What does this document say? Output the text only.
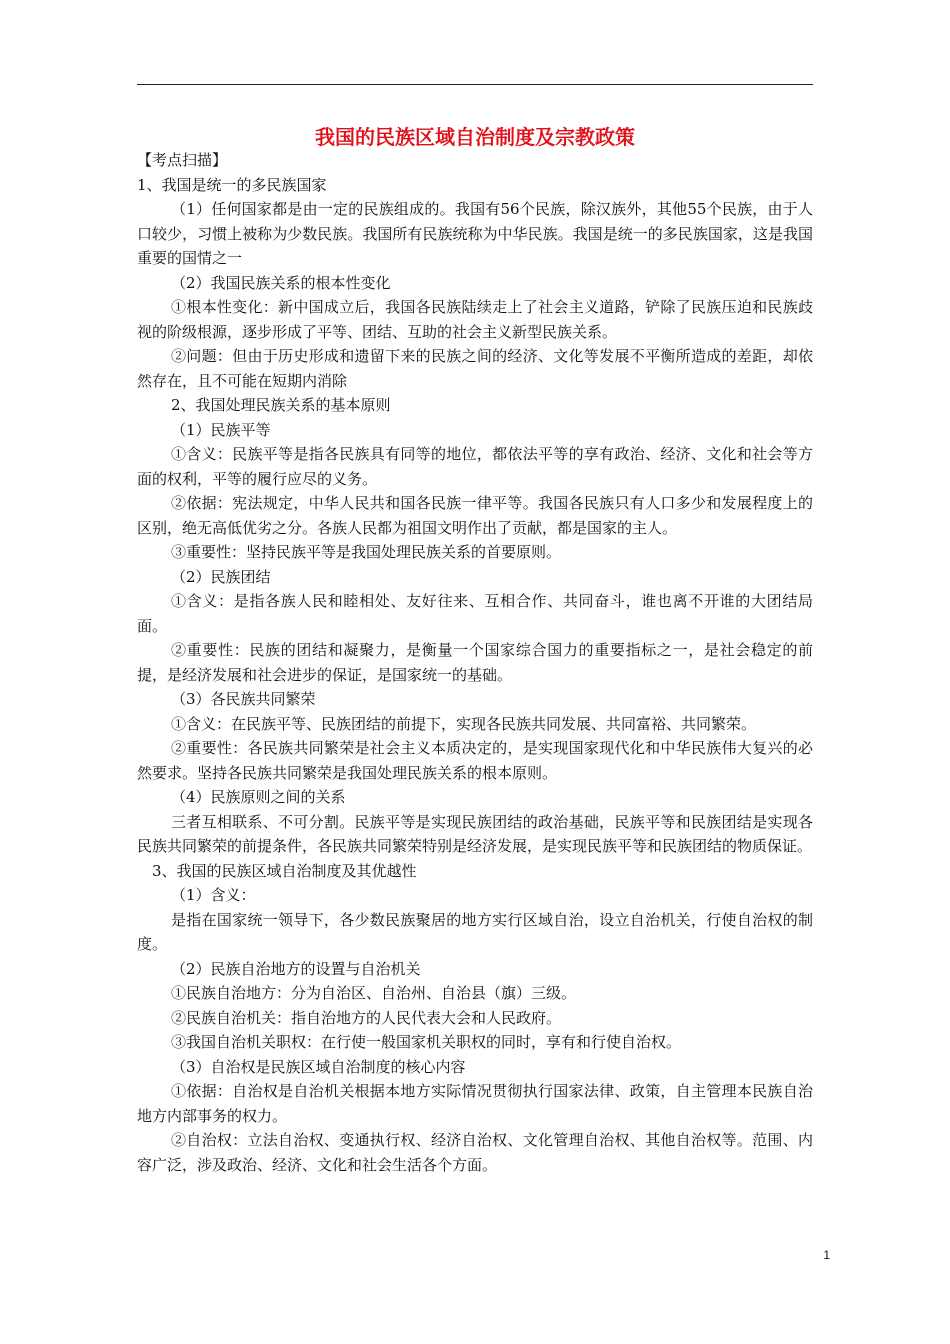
我国的民族区域自治制度及宗教政策

【考点扫描】

1、我国是统一的多民族国家

（1）任何国家都是由一定的民族组成的。我国有56个民族，除汉族外，其他55个民族，由于人口较少，习惯上被称为少数民族。我国所有民族统称为中华民族。我国是统一的多民族国家，这是我国重要的国情之一

（2）我国民族关系的根本性变化

①根本性变化：新中国成立后，我国各民族陆续走上了社会主义道路，铲除了民族压迫和民族歧视的阶级根源，逐步形成了平等、团结、互助的社会主义新型民族关系。

②问题：但由于历史形成和遗留下来的民族之间的经济、文化等发展不平衡所造成的差距，却依然存在，且不可能在短期内消除

2、我国处理民族关系的基本原则

（1）民族平等

①含义：民族平等是指各民族具有同等的地位，都依法平等的享有政治、经济、文化和社会等方面的权利，平等的履行应尽的义务。

②依据：宪法规定，中华人民共和国各民族一律平等。我国各民族只有人口多少和发展程度上的区别，绝无高低优劣之分。各族人民都为祖国文明作出了贡献，都是国家的主人。

③重要性：坚持民族平等是我国处理民族关系的首要原则。

（2）民族团结

①含义：是指各族人民和睦相处、友好往来、互相合作、共同奋斗，谁也离不开谁的大团结局面。

②重要性：民族的团结和凝聚力，是衡量一个国家综合国力的重要指标之一，是社会稳定的前提，是经济发展和社会进步的保证，是国家统一的基础。

（3）各民族共同繁荣

①含义：在民族平等、民族团结的前提下，实现各民族共同发展、共同富裕、共同繁荣。

②重要性：各民族共同繁荣是社会主义本质决定的，是实现国家现代化和中华民族伟大复兴的必然要求。坚持各民族共同繁荣是我国处理民族关系的根本原则。

（4）民族原则之间的关系

三者互相联系、不可分割。民族平等是实现民族团结的政治基础，民族平等和民族团结是实现各民族共同繁荣的前提条件，各民族共同繁荣特别是经济发展，是实现民族平等和民族团结的物质保证。

3、我国的民族区域自治制度及其优越性

（1）含义：

是指在国家统一领导下，各少数民族聚居的地方实行区域自治，设立自治机关，行使自治权的制度。

（2）民族自治地方的设置与自治机关

①民族自治地方：分为自治区、自治州、自治县（旗）三级。

②民族自治机关：指自治地方的人民代表大会和人民政府。

③我国自治机关职权：在行使一般国家机关职权的同时，享有和行使自治权。

（3）自治权是民族区域自治制度的核心内容

①依据：自治权是自治机关根据本地方实际情况贯彻执行国家法律、政策，自主管理本民族自治地方内部事务的权力。

②自治权：立法自治权、变通执行权、经济自治权、文化管理自治权、其他自治权等。范围、内容广泛，涉及政治、经济、文化和社会生活各个方面。

1
